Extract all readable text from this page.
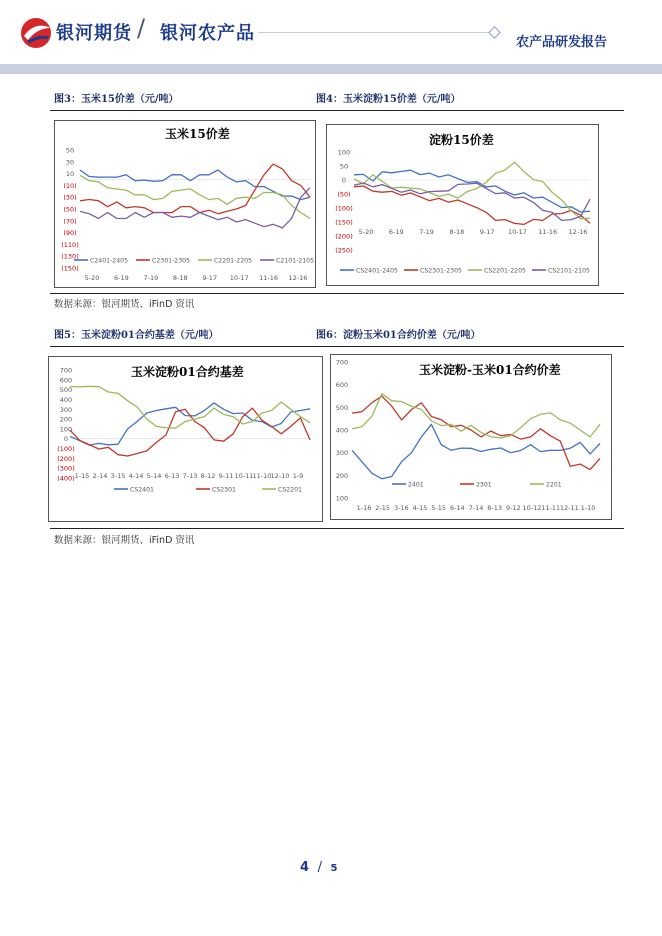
银河期货 / 银河农产品	农产品研发报告
图3：玉米15价差（元/吨）	图4：玉米淀粉15价差（元/吨）
玉米15价差
50
30
10
(10)
(30)
(50)
(70)
(90)
(110)
(130)
(150)
5-20 6-19 7-19 8-18 9-17 10-17 11-16 12-16
C2401-2405	C2301-2305	C2201-2205	C2101-2105
淀粉15价差
100
50
0
(50)
(100)
(150)
(200)
(250)
5-20 6-19 7-19 8-18 9-17 10-17 11-16 12-16
CS2401-2405	CS2301-2305	CS2201-2205	CS2101-2105
数据来源：银河期货、iFinD 资讯
图5：玉米淀粉01合约基差（元/吨）	图6：淀粉玉米01合约价差（元/吨）
玉米淀粉01合约基差
700
600
500
400
300
200
100
0
(100)
(200)
(300)
(400) 1-15 2-14 3-15 4-14 5-14 6-13 7-13 8-12 9-11 10-11 11-10 12-10 1-9
CS2401	CS2301	CS2201
玉米淀粉-玉米01合约价差
700
600
500
400
300
200
100
1-16 2-15 3-16 4-15 5-15 6-14 7-14 8-13 9-12 10-12 11-11 12-11 1-10
2401	2301	2201
数据来源：银河期货、iFinD 资讯
4 / 5
